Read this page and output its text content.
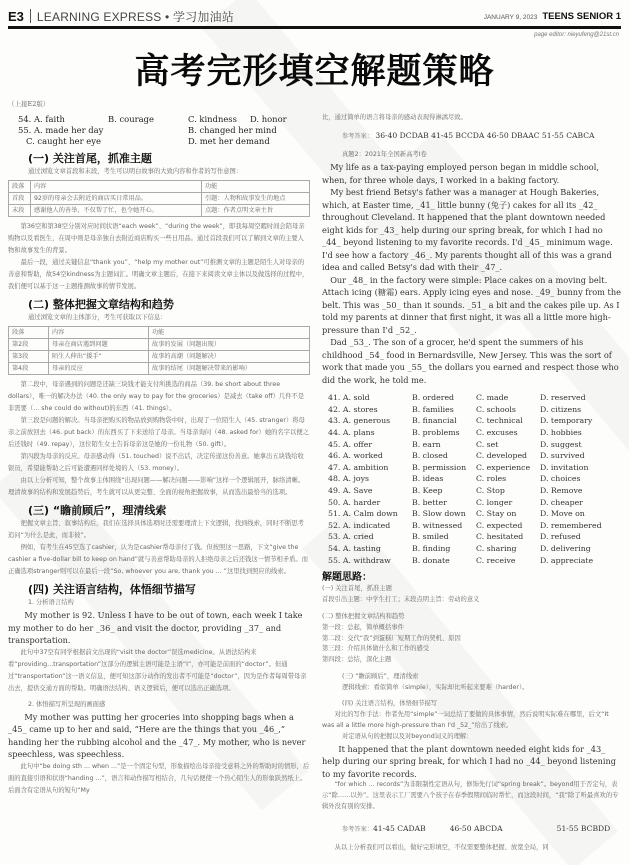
E3 LEARNING EXPRESS • 学习加油站	JANUARY 9, 2023 TEENS SENIOR 1
page editor: nieyufeng@21st.cn
高考完形填空解题策略
（上接E2版）
54. A. faith	B. courage	C. kindness	D. honor
55. A. made her day	B. changed her mind
C. caught her eye	D. met her demand
(一) 关注首尾，抓准主题
通过浏览文章首段和末段，考生可以明白故事的大致内容和作者的写作意图：
段落	内容	功能
首段	92岁的母亲会去附近的商店买日常用品。	引题：人物和故事发生的地点
末段	感谢他人的善举，不仅帮了忙，也令她开心。	点题：作者点明文章主旨
第36空和第38空分别对应时间状语“each week”、“during the week”，即我每周空暇时间会陪母亲购物以及看医生，在周中则是母亲独自去附近商店购买一些日用品。通过首段我们可以了解到文章的主要人物和故事发生的背景。
最后一段，通过关键信息“thank you”、“help my mother out”可推测文章的主题是陌生人对母亲的善意和帮助，故54空kindness为主题词汇。明确文章主题后，在接下来阅读文章主体以及做选择的过程中，我们便可以基于这一主题推测故事的情节发展。
(二) 整体把握文章结构和趋势
通过浏览文章的主体部分，考生可获取以下信息：
段落	内容	功能
第2段	母亲在商店遇到问题	故事的发展（问题出现）
第3段	陌生人伸出“援手”	故事的高潮（问题解决）
第4段	母亲的反应	故事的结尾（问题解决带来的影响）
第二段中，母亲遇到的问题是还缺三块钱才能支付所挑选的商品（39. be short about three dollars），唯一的解决办法（40. the only way to pay for the groceries）是减去（take off）几件不是非需要（... she could do without)的东西（41. things）。
第三段是问题的解决。当母亲把购买的物品放到购物袋中时，出现了一位陌生人（45. stranger）将母亲之前放回去（46. put back）的东西买了下来送给了母亲。当母亲询问（48. asked for）她的名字以便之后还钱时（49. repay），这位陌生女士告诉母亲这是她的一份礼物（50. gift）。
第四段为母亲的反应。母亲感动得（51. touched）说不出话，决定传递这份善意。她拿出五块钱给收银员，希望能帮助之后可能遭遇同样处境的人（53. money）。
由以上分析可知，整个故事主体围绕“出现问题——解决问题——影响”这样一个逻辑展开，脉络清晰。理清故事的结构和发展趋势后，考生就可以从更完整、全面的视角把握故事，从而选出最恰当的选项。
(三) “瞻前顾后”，理清线索
把握文章主旨、叙事结构后，我们在选择具体选项时还需要理清上下文逻辑，找到线索，同时不断思考追问“为什么是此，而非彼”。
例如，有考生在45空选了cashier，认为是cashier帮母亲付了钱。但按照这一思路，下文“give the cashier a five-dollar bill to keep on hand”就与善意帮助母亲的人拒绝母亲之后还钱这一情节相矛盾。而正确选项stranger则可以在最后一段“So, whoever you are, thank you ... ”这里找到照应的线索。
(四) 关注语言结构，体悟细节描写
1. 分析语言结构
My mother is 92. Unless I have to be out of town, each week I take my mother to do her _36_ and visit the doctor, providing _37_ and transportation.
此句中37空有同学根据前文出现的“visit the doctor”误选medicine。从语法结构来看“providing...transportation”这部分的逻辑主语可能是主语“I”，亦可能是前面的“doctor”。但通过“transportation”这一语义信息，便可知这部分动作的发出者不可能是“doctor”，因为是作者每周带母亲出去，提供交通方面的帮助。明确语法结构、语义逻辑后，便可以选出正确选项。
2. 体悟描写所呈现的画面感
My mother was putting her groceries into shopping bags when a _45_ came up to her and said, “Here are the things that you _46_,” handing her the rubbing alcohol and the _47_. My mother, who is never speechless, was speechless.
此句中“be doing sth ... when ...”是一个固定句型，形象描绘出母亲接受意料之外的帮助时的情形，后面的直接引语和状语“handing ...”，语言和动作描写相结合，几句话便使一个热心陌生人的形象跃然纸上。后面含有定语从句的短句“My
比，通过简单的语言将母亲的感动表现得淋漓尽致。
参考答案： 36-40 DCDAB 41-45 BCCDA 46-50 DBAAC 51-55 CABCA
真题2：2021年全国新高考I卷
My life as a tax-paying employed person began in middle school, when, for three whole days, I worked in a baking factory.
My best friend Betsy's father was a manager at Hough Bakeries, which, at Easter time, _41_ little bunny (兔子) cakes for all its _42_ throughout Cleveland. It happened that the plant downtown needed eight kids for _43_ help during our spring break, for which I had no _44_ beyond listening to my favorite records. I'd _45_ minimum wage. I'd see how a factory _46_. My parents thought all of this was a grand idea and called Betsy's dad with their _47_.
Our _48_ in the factory were simple: Place cakes on a moving belt. Attach icing (糖霜) ears. Apply icing eyes and nose. _49_ bunny from the belt. This was _50_ than it sounds. _51_ a bit and the cakes pile up. As I told my parents at dinner that first night, it was all a little more high-pressure than I'd _52_.
Dad _53_. The son of a grocer, he'd spent the summers of his childhood _54_ food in Bernardsville, New Jersey. This was the sort of work that made you _55_ the dollars you earned and respect those who did the work, he told me.
41. A. sold	B. ordered	C. made	D. reserved
42. A. stores	B. families	C. schools	D. citizens
43. A. generous	B. financial	C. technical	D. temporary
44. A. plans	B. problems	C. excuses	D. hobbies
45. A. offer	B. earn	C. set	D. suggest
46. A. worked	B. closed	C. developed	D. survived
47. A. ambition	B. permission	C. experience	D. invitation
48. A. joys	B. ideas	C. roles	D. choices
49. A. Save	B. Keep	C. Stop	D. Remove
50. A. harder	B. better	C. longer	D. cheaper
51. A. Calm down	B. Slow down	C. Stay on	D. Move on
52. A. indicated	B. witnessed	C. expected	D. remembered
53. A. cried	B. smiled	C. hesitated	D. refused
54. A. tasting	B. finding	C. sharing	D. delivering
55. A. withdraw	B. donate	C. receive	D. appreciate
解题思路：
(一) 关注首尾，抓准主题
首段引出主题：中学生打工；末段点明主旨：劳动的意义
(二) 整体把握文章结构和趋势
第一段：总起，简单概括事件
第二段：交代“我”到蛋糕厂短期工作的契机、原因
第三段：介绍具体做什么和工作的感受
第四段：总结，深化主题
(三) “瞻前顾后”，理清线索
逻辑线索：看似简单（simple），实际却比听起来要难（harder）。
(四) 关注语言结构，体悟细节描写
对比的写作手法：作者先用“simple”一词总结了要做的具体事情，然后说明实际难在哪里，后文“It was all a little more high-pressure than I'd _52_”给出了线索。
对定语从句的把握以及对beyond词义的理解：
It happened that the plant downtown needed eight kids for _43_ help during our spring break, for which I had no _44_ beyond listening to my favorite records.
“for which ... records”为非限制性定语从句，修饰先行词“spring break”。beyond用于否定句，表示“除……以外”。这里表示工厂需要八个孩子在春季假期间临时帮忙，而这段时间，“我”除了听最喜欢的专辑外没有别的安排。
参考答案：41-45 CADAB	46-50 ABCDA	51-55 BCBDD
从以上分析我们可以看出，做好完形填空，不仅需要整体把握、放宽全局，同
